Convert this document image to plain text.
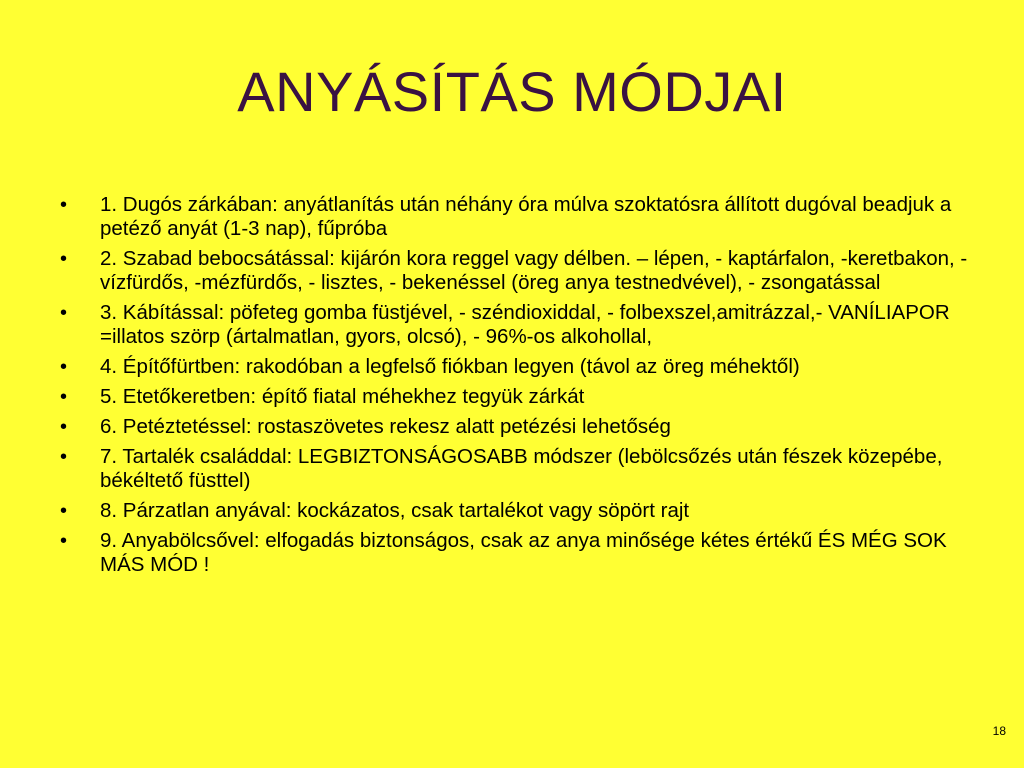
ANYÁSÍTÁS MÓDJAI
•	1. Dugós zárkában: anyátlanítás után néhány óra múlva szoktatósra állított dugóval beadjuk a petéző anyát (1-3 nap), fűpróba
•	2. Szabad bebocsátással: kijárón kora reggel vagy délben. – lépen, - kaptárfalon, -keretbakon, - vízfürdős, -mézfürdős, - lisztes, - bekenéssel (öreg anya testnedvével), - zsongatással
•	3. Kábítással: pöfeteg gomba füstjével, - széndioxiddal, - folbexszel,amitrázzal,- VANÍLIAPOR =illatos szörp (ártalmatlan, gyors, olcsó), - 96%-os alkohollal,
•	4. Építőfürtben: rakodóban a legfelső fiókban legyen (távol az öreg méhektől)
•	5. Etetőkeretben: építő fiatal méhekhez tegyük zárkát
•	6. Petéztetéssel: rostaszövetes rekesz alatt petézési lehetőség
•	7. Tartalék családdal: LEGBIZTONSÁGOSABB módszer (lebölcsőzés után fészek közepébe, békéltető füsttel)
•	8. Párzatlan anyával: kockázatos, csak tartalékot vagy söpört rajt
•	9. Anyabölcsővel: elfogadás biztonságos, csak az anya minősége kétes értékű ÉS MÉG SOK MÁS MÓD !
18
